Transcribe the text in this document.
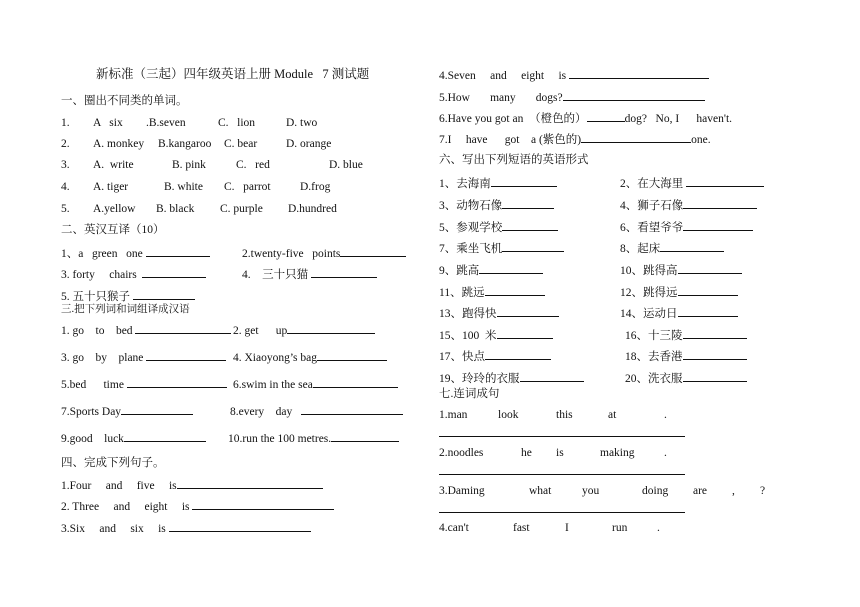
新标准（三起）四年级英语上册 Module   7 测试题
一、圈出不同类的单词。
1. A   six .B.seven	C.   lion	D. two
2. A. monkey B.kangaroo C. bear	D. orange
3. A.  write	B. pink	C.   red	D. blue
4. A. tiger	B. white C.   parrot	D.frog
5. A.yellow B. black C. purple D.hundred
二、英汉互译（10）
1、a   green   one
	2.twenty-five   points
3. forty     chairs
	4.    三十只猫

5. 五十只猴子

三.把下列词和词组译成汉语
1. go    to    bed
	2. get      up
3. go    by    plane
	4. Xiaoyong’s bag
5.bed      time
	6.swim in the sea
7.Sports Day	8.every    day

9.good    luck	10.run the 100 metres.
四、完成下列句子。
1.Four     and     five     is
2. Three     and     eight     is

3.Six     and     six     is

4.Seven     and     eight     is

5.How       many       dogs?
6.Have you got an  （橙色的）	dog?   No, I      haven't.
7.I     have      got    a (紫色的)	one.
六、写出下列短语的英语形式
1、去海南	2、在大海里

3、动物石像	4、狮子石像
5、参观学校	6、看望爷爷
7、乘坐飞机	8、起床
9、跳高	10、跳得高
11、跳远	12、跳得远
13、跑得快	14、运动日
15、100  米	16、十三陵
17、快点	18、去香港
19、玲玲的衣服	20、洗衣服
七.连词成句
1.man	look	this	at	.
2.noodles	he is	making	.
3.Daming	what	you	doing are , ?
4.can't	fast	I	run	.
